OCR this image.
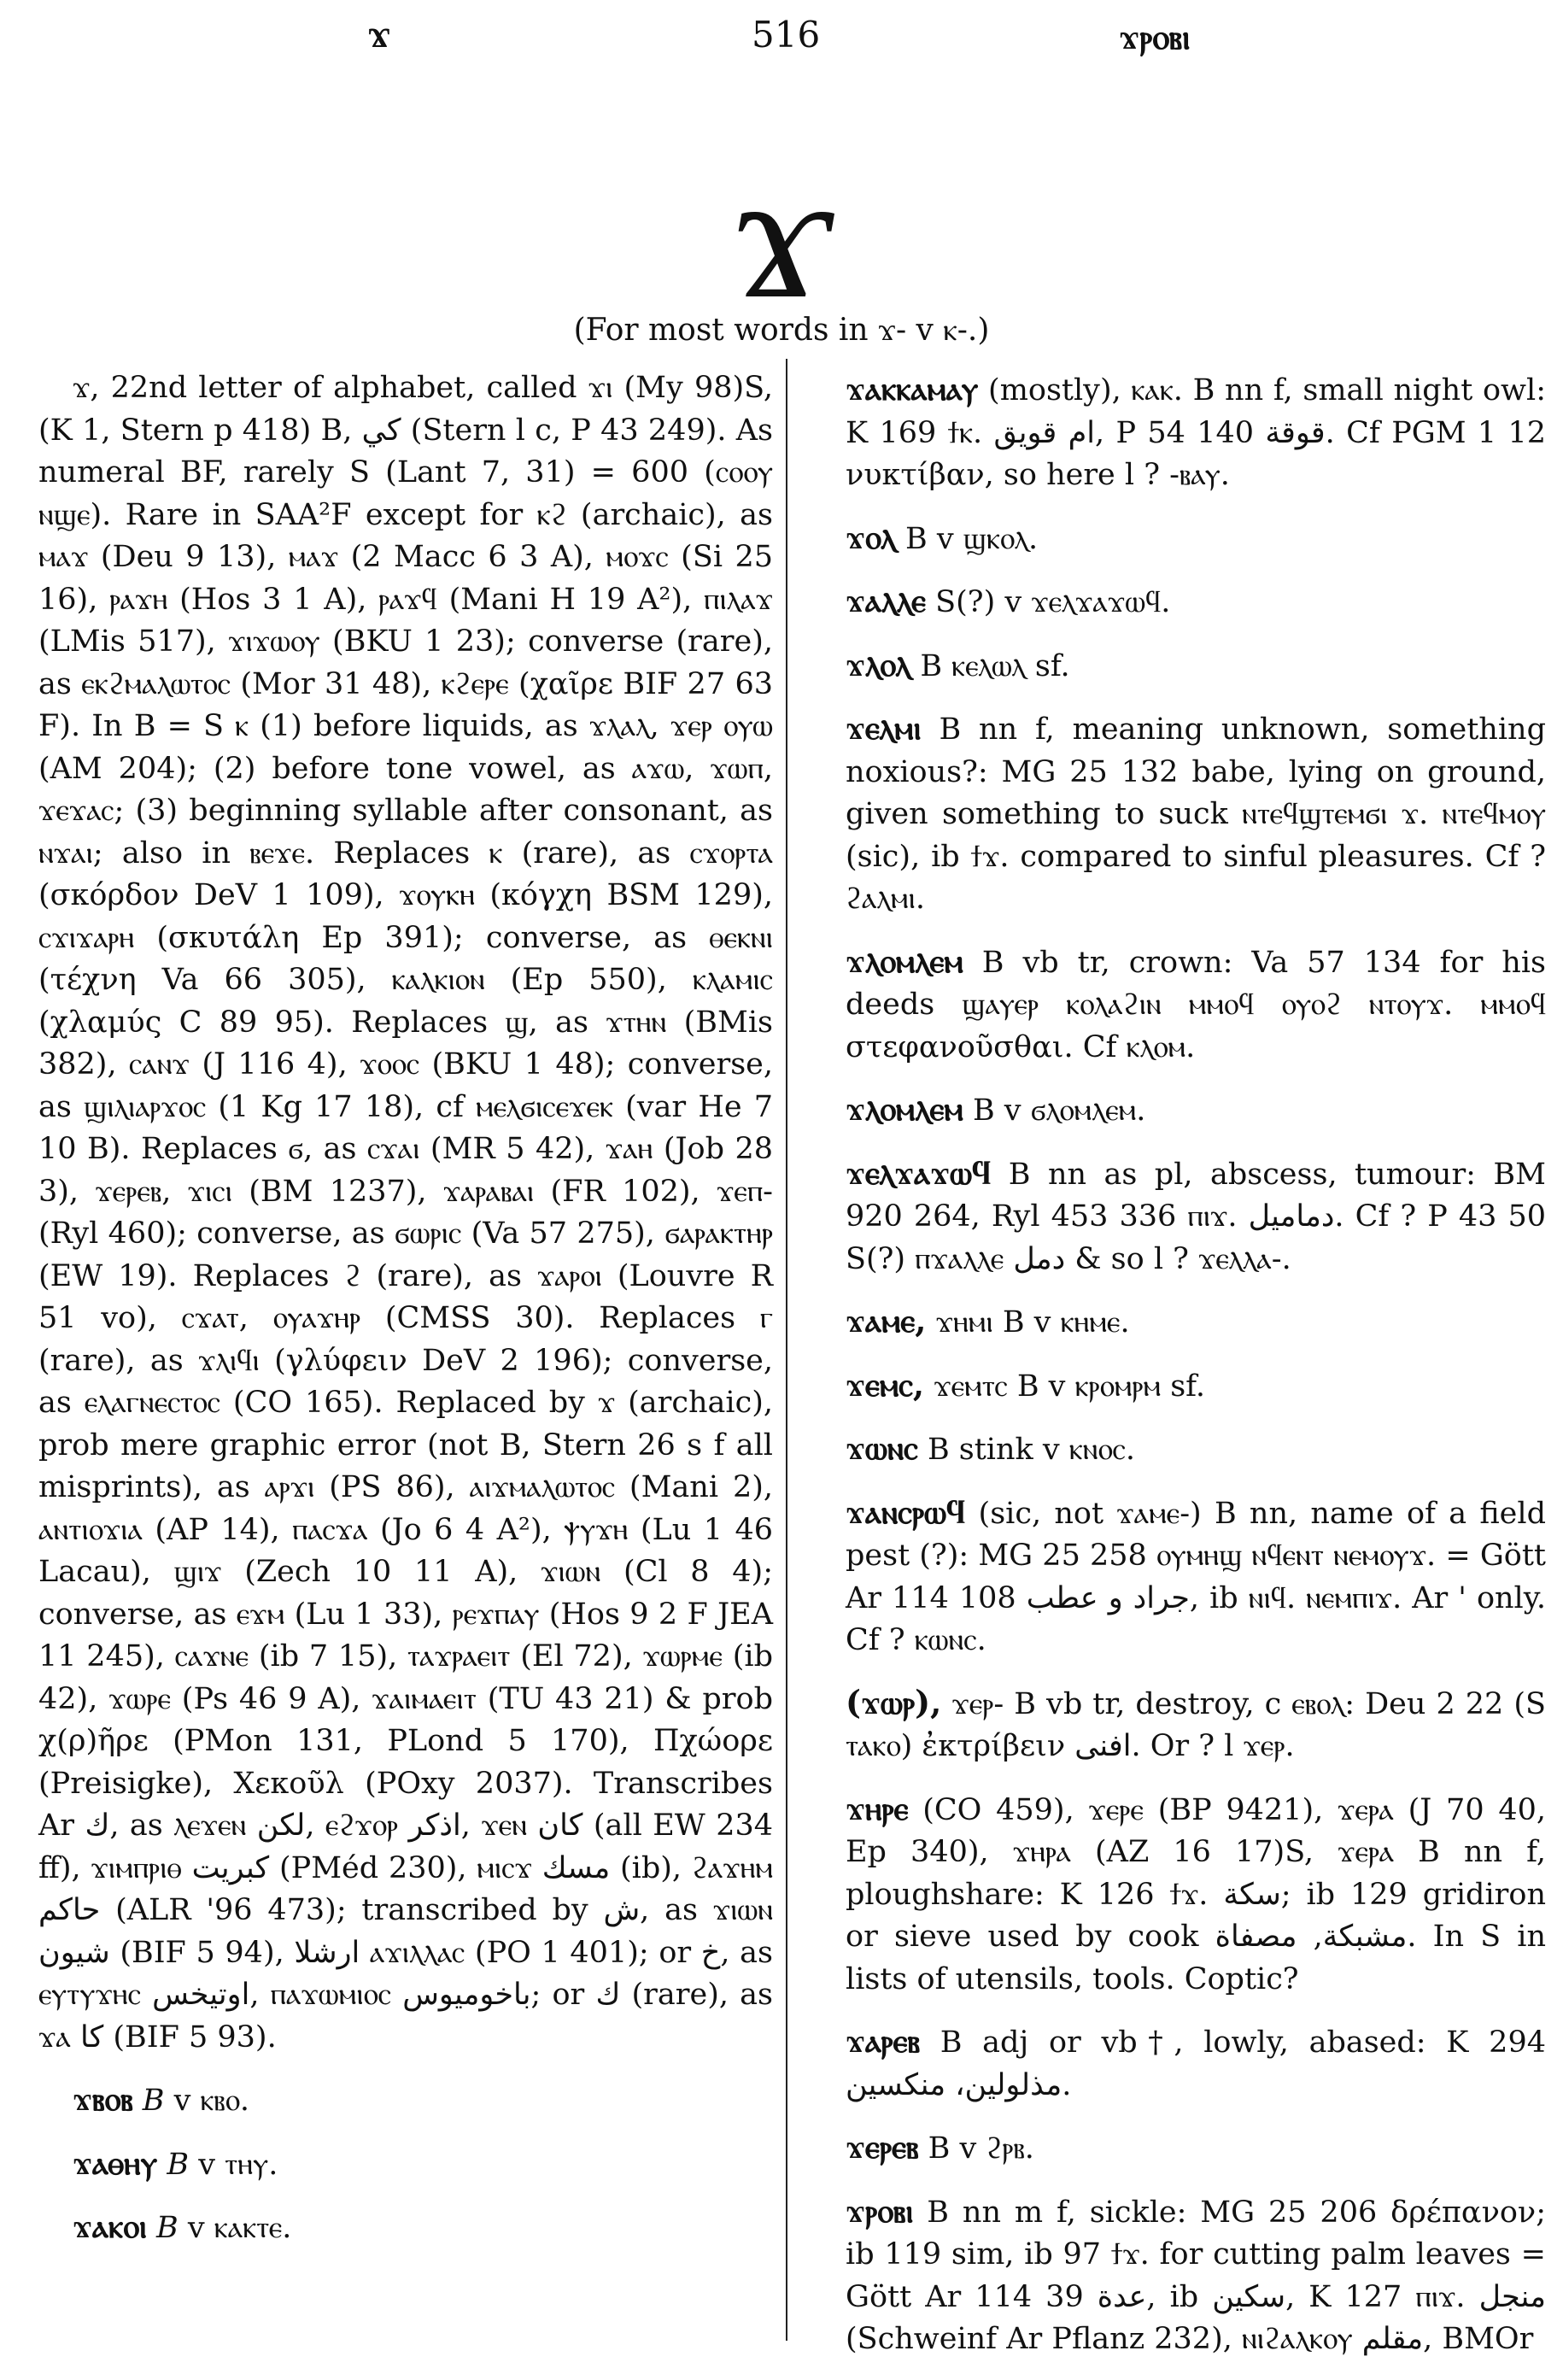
ϫ	516	ϫⲣⲟⲃⲓ
ϫ
(For most words in ϫ- v ⲕ-.)

ϫ, 22nd letter of alphabet, called ϫⲓ (My 98)S, (K 1, Stern p 418) B, كي (Stern l c, P 43 249). As numeral BF, rarely S (Lant 7, 31) = 600 (ⲥⲟⲟⲩ ⲛϣⲉ). Rare in SAA²F except for ⲕϩ (archaic), as ⲙⲁϫ (Deu 9 13), ⲙⲁϫ (2 Macc 6 3 A), ⲙⲟϫⲥ (Si 25 16), ⲣⲁϫⲏ (Hos 3 1 A), ⲣⲁϫϥ (Mani H 19 A²), ⲡⲓⲗⲁϫ (LMis 517), ϫⲓϫⲱⲟⲩ (BKU 1 23); converse (rare), as ⲉⲕϩⲙⲁⲗⲱⲧⲟⲥ (Mor 31 48), ⲕϩⲉⲣⲉ (χαῖρε BIF 27 63 F). In B = S ⲕ (1) before liquids, as ϫⲗⲁⲗ, ϫⲉⲣ ⲟⲩⲱ (AM 204); (2) before tone vowel, as ⲁϫⲱ, ϫⲱⲡ, ϫⲉϫⲁⲥ; (3) beginning syllable after consonant, as ⲛϫⲁⲓ; also in ⲃⲉϫⲉ. Replaces ⲕ (rare), as ⲥϫⲟⲣⲧⲁ (σκόρδον DeV 1 109), ϫⲟⲩⲕⲏ (κόγχη BSM 129), ⲥϫⲓϫⲁⲣⲏ (σκυτάλη Ep 391); converse, as ⲑⲉⲕⲛⲓ (τέχνη Va 66 305), ⲕⲁⲗⲕⲓⲟⲛ (Ep 550), ⲕⲗⲁⲙⲓⲥ (χλαμύς C 89 95). Replaces ϣ, as ϫⲧⲏⲛ (BMis 382), ⲥⲁⲛϫ (J 116 4), ϫⲟⲟⲥ (BKU 1 48); converse, as ϣⲓⲗⲓⲁⲣϫⲟⲥ (1 Kg 17 18), cf ⲙⲉⲗϭⲓⲥⲉϫⲉⲕ (var He 7 10 B). Replaces ϭ, as ⲥϫⲁⲓ (MR 5 42), ϫⲁⲏ (Job 28 3), ϫⲉⲣⲉⲃ, ϫⲓⲥⲓ (BM 1237), ϫⲁⲣⲁⲃⲁⲓ (FR 102), ϫⲉⲡ- (Ryl 460); converse, as ϭⲱⲣⲓⲥ (Va 57 275), ϭⲁⲣⲁⲕⲧⲏⲣ (EW 19). Replaces ϩ (rare), as ϫⲁⲣⲟⲓ (Louvre R 51 vo), ⲥϫⲁⲧ, ⲟⲩⲁϫⲏⲣ (CMSS 30). Replaces ⲅ (rare), as ϫⲗⲓϥⲓ (γλύφειν DeV 2 196); converse, as ⲉⲗⲁⲅⲛⲉⲥⲧⲟⲥ (CO 165). Replaced by ϫ (archaic), prob mere graphic error (not B, Stern 26 s f all misprints), as ⲁⲣϫⲓ (PS 86), ⲁⲓϫⲙⲁⲗⲱⲧⲟⲥ (Mani 2), ⲁⲛⲧⲓⲟϫⲓⲁ (AP 14), ⲡⲁⲥϫⲁ (Jo 6 4 A²), ⲯⲩϫⲏ (Lu 1 46 Lacau), ϣⲓϫ (Zech 10 11 A), ϫⲓⲱⲛ (Cl 8 4); converse, as ⲉϫⲙ (Lu 1 33), ⲣⲉϫⲡⲁⲩ (Hos 9 2 F JEA 11 245), ⲥⲁϫⲛⲉ (ib 7 15), ⲧⲁϫⲣⲁⲉⲓⲧ (El 72), ϫⲱⲣⲙⲉ (ib 42), ϫⲱⲣⲉ (Ps 46 9 A), ϫⲁⲓⲙⲁⲉⲓⲧ (TU 43 21) & prob χ(ρ)ῆρε (PMon 131, PLond 5 170), Πχώορε (Preisigke), Χεκοῦλ (POxy 2037). Transcribes Ar ك, as ⲗⲉϫⲉⲛ لكن, ⲉϩϫⲟⲣ اذكر, ϫⲉⲛ كان (all EW 234 ff), ϫⲓⲙⲡⲣⲓⲑ كبريت (PMéd 230), ⲙⲓⲥϫ مسك (ib), ϩⲁϫⲏⲙ حاكم (ALR '96 473); transcribed by ش, as ϫⲓⲱⲛ شيون (BIF 5 94), ارشلا ⲁϫⲓⲗⲗⲁⲥ (PO 1 401); or خ, as ⲉⲩⲧⲩϫⲏⲥ اوتيخس, ⲡⲁϫⲱⲙⲓⲟⲥ باخوميوس; or ك (rare), as ϫⲁ كا (BIF 5 93).

ϫⲃⲟⲃ B v ⲕⲃⲟ.

ϫⲁⲑⲏⲩ B v ⲧⲏⲩ.

ϫⲁⲕⲟⲓ B v ⲕⲁⲕⲧⲉ.

ϫⲁⲕⲕⲁⲙⲁⲩ (mostly), ⲕⲁⲕ. B nn f, small night owl: K 169 ϯⲕ. ام قويق, P 54 140 قوقة. Cf PGM 1 12 νυκτίβαν, so here l ? -ⲃⲁⲩ.

ϫⲟⲗ B v ϣⲕⲟⲗ.

ϫⲁⲗⲗⲉ S(?) v ϫⲉⲗϫⲁϫⲱϥ.

ϫⲗⲟⲗ B ⲕⲉⲗⲱⲗ sf.

ϫⲉⲗⲙⲓ B nn f, meaning unknown, something noxious?: MG 25 132 babe, lying on ground, given something to suck ⲛⲧⲉϥϣⲧⲉⲙϭⲓ ϫ. ⲛⲧⲉϥⲙⲟⲩ (sic), ib ϯϫ. compared to sinful pleasures. Cf ? ϩⲁⲗⲙⲓ.

ϫⲗⲟⲙⲗⲉⲙ B vb tr, crown: Va 57 134 for his deeds ϣⲁⲩⲉⲣ ⲕⲟⲗⲁϩⲓⲛ ⲙⲙⲟϥ ⲟⲩⲟϩ ⲛⲧⲟⲩϫ. ⲙⲙⲟϥ στεφανοῦσθαι. Cf ⲕⲗⲟⲙ.

ϫⲗⲟⲙⲗⲉⲙ B v ϭⲗⲟⲙⲗⲉⲙ.

ϫⲉⲗϫⲁϫⲱϥ B nn as pl, abscess, tumour: BM 920 264, Ryl 453 336 ⲡⲓϫ. دماميل. Cf ? P 43 50 S(?) ⲡϫⲁⲗⲗⲉ دمل & so l ? ϫⲉⲗⲗⲁ-.

ϫⲁⲙⲉ, ϫⲏⲙⲓ B v ⲕⲏⲙⲉ.

ϫⲉⲙⲥ, ϫⲉⲙⲧⲥ B v ⲕⲣⲟⲙⲣⲙ sf.

ϫⲱⲛⲥ B stink v ⲕⲛⲟⲥ.

ϫⲁⲛⲥⲣⲱϥ (sic, not ϫⲁⲙⲉ-) B nn, name of a field pest (?): MG 25 258 ⲟⲩⲙⲏϣ ⲛϥⲉⲛⲧ ⲛⲉⲙⲟⲩϫ. = Gött Ar 114 108 جراد و عطب, ib ⲛⲓϥ. ⲛⲉⲙⲡⲓϫ. Ar ' only. Cf ? ⲕⲱⲛⲥ.

(ϫⲱⲣ), ϫⲉⲣ- B vb tr, destroy, c ⲉⲃⲟⲗ: Deu 2 22 (S ⲧⲁⲕⲟ) ἐκτρίβειν افنى. Or ? l ϫⲉⲣ.

ϫⲏⲣⲉ (CO 459), ϫⲉⲣⲉ (BP 9421), ϫⲉⲣⲁ (J 70 40, Ep 340), ϫⲏⲣⲁ (AZ 16 17)S, ϫⲉⲣⲁ B nn f, ploughshare: K 126 ϯϫ. سكة; ib 129 gridiron or sieve used by cook مشبكة, مصفاة. In S in lists of utensils, tools. Coptic?

ϫⲁⲣⲉⲃ B adj or vb†, lowly, abased: K 294 مذلولين، منكسين.

ϫⲉⲣⲉⲃ B v ϩⲣⲃ.

ϫⲣⲟⲃⲓ B nn m f, sickle: MG 25 206 δρέπανον; ib 119 sim, ib 97 ϯϫ. for cutting palm leaves = Gött Ar 114 39 عدة, ib سكين, K 127 ⲡⲓϫ. منجل (Schweinf Ar Pflanz 232), ⲛⲓϩⲁⲗⲕⲟⲩ مقلم, BMOr
